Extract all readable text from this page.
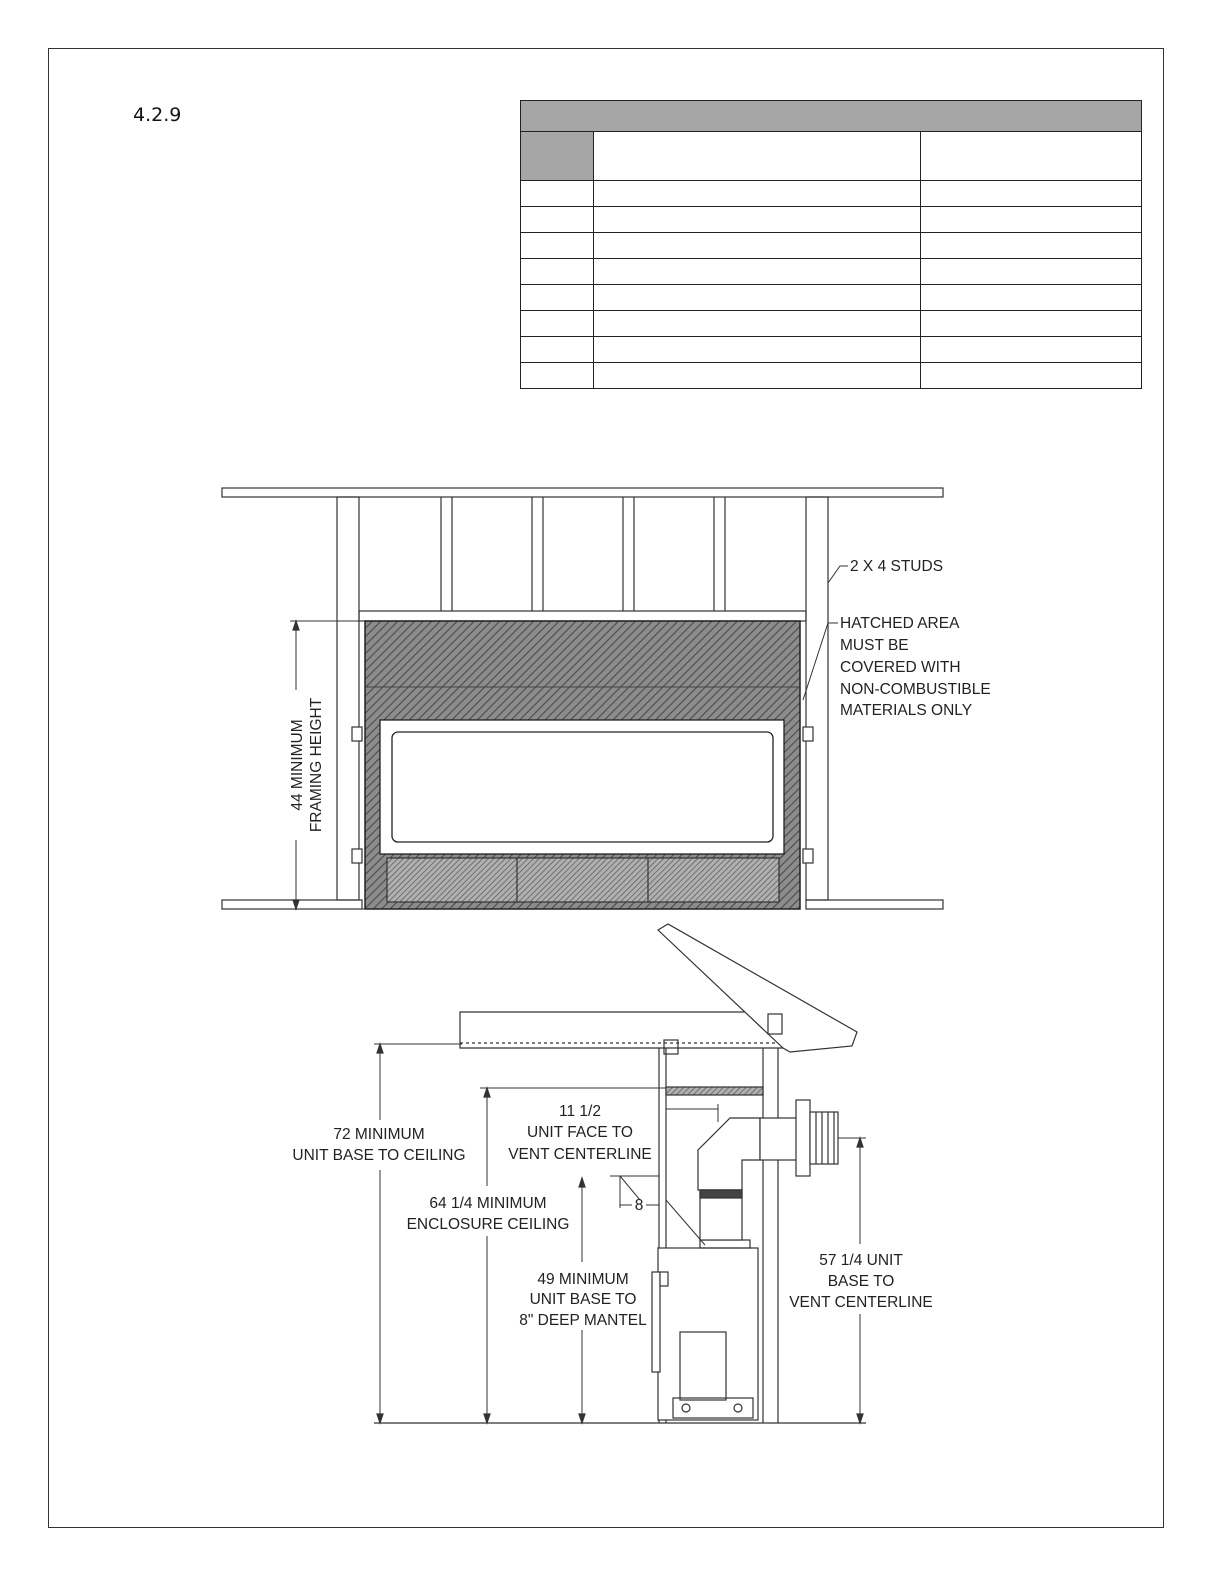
4.2.9

2 X 4 STUDS
HATCHED AREA
MUST BE
COVERED WITH
NON-COMBUSTIBLE
MATERIALS ONLY
44 MINIMUM FRAMING HEIGHT
72 MINIMUM
UNIT BASE TO CEILING
11 1/2
UNIT FACE TO
VENT CENTERLINE
8
64 1/4 MINIMUM
ENCLOSURE CEILING
49 MINIMUM
UNIT BASE TO
8" DEEP MANTEL
57 1/4 UNIT
BASE TO
VENT CENTERLINE
